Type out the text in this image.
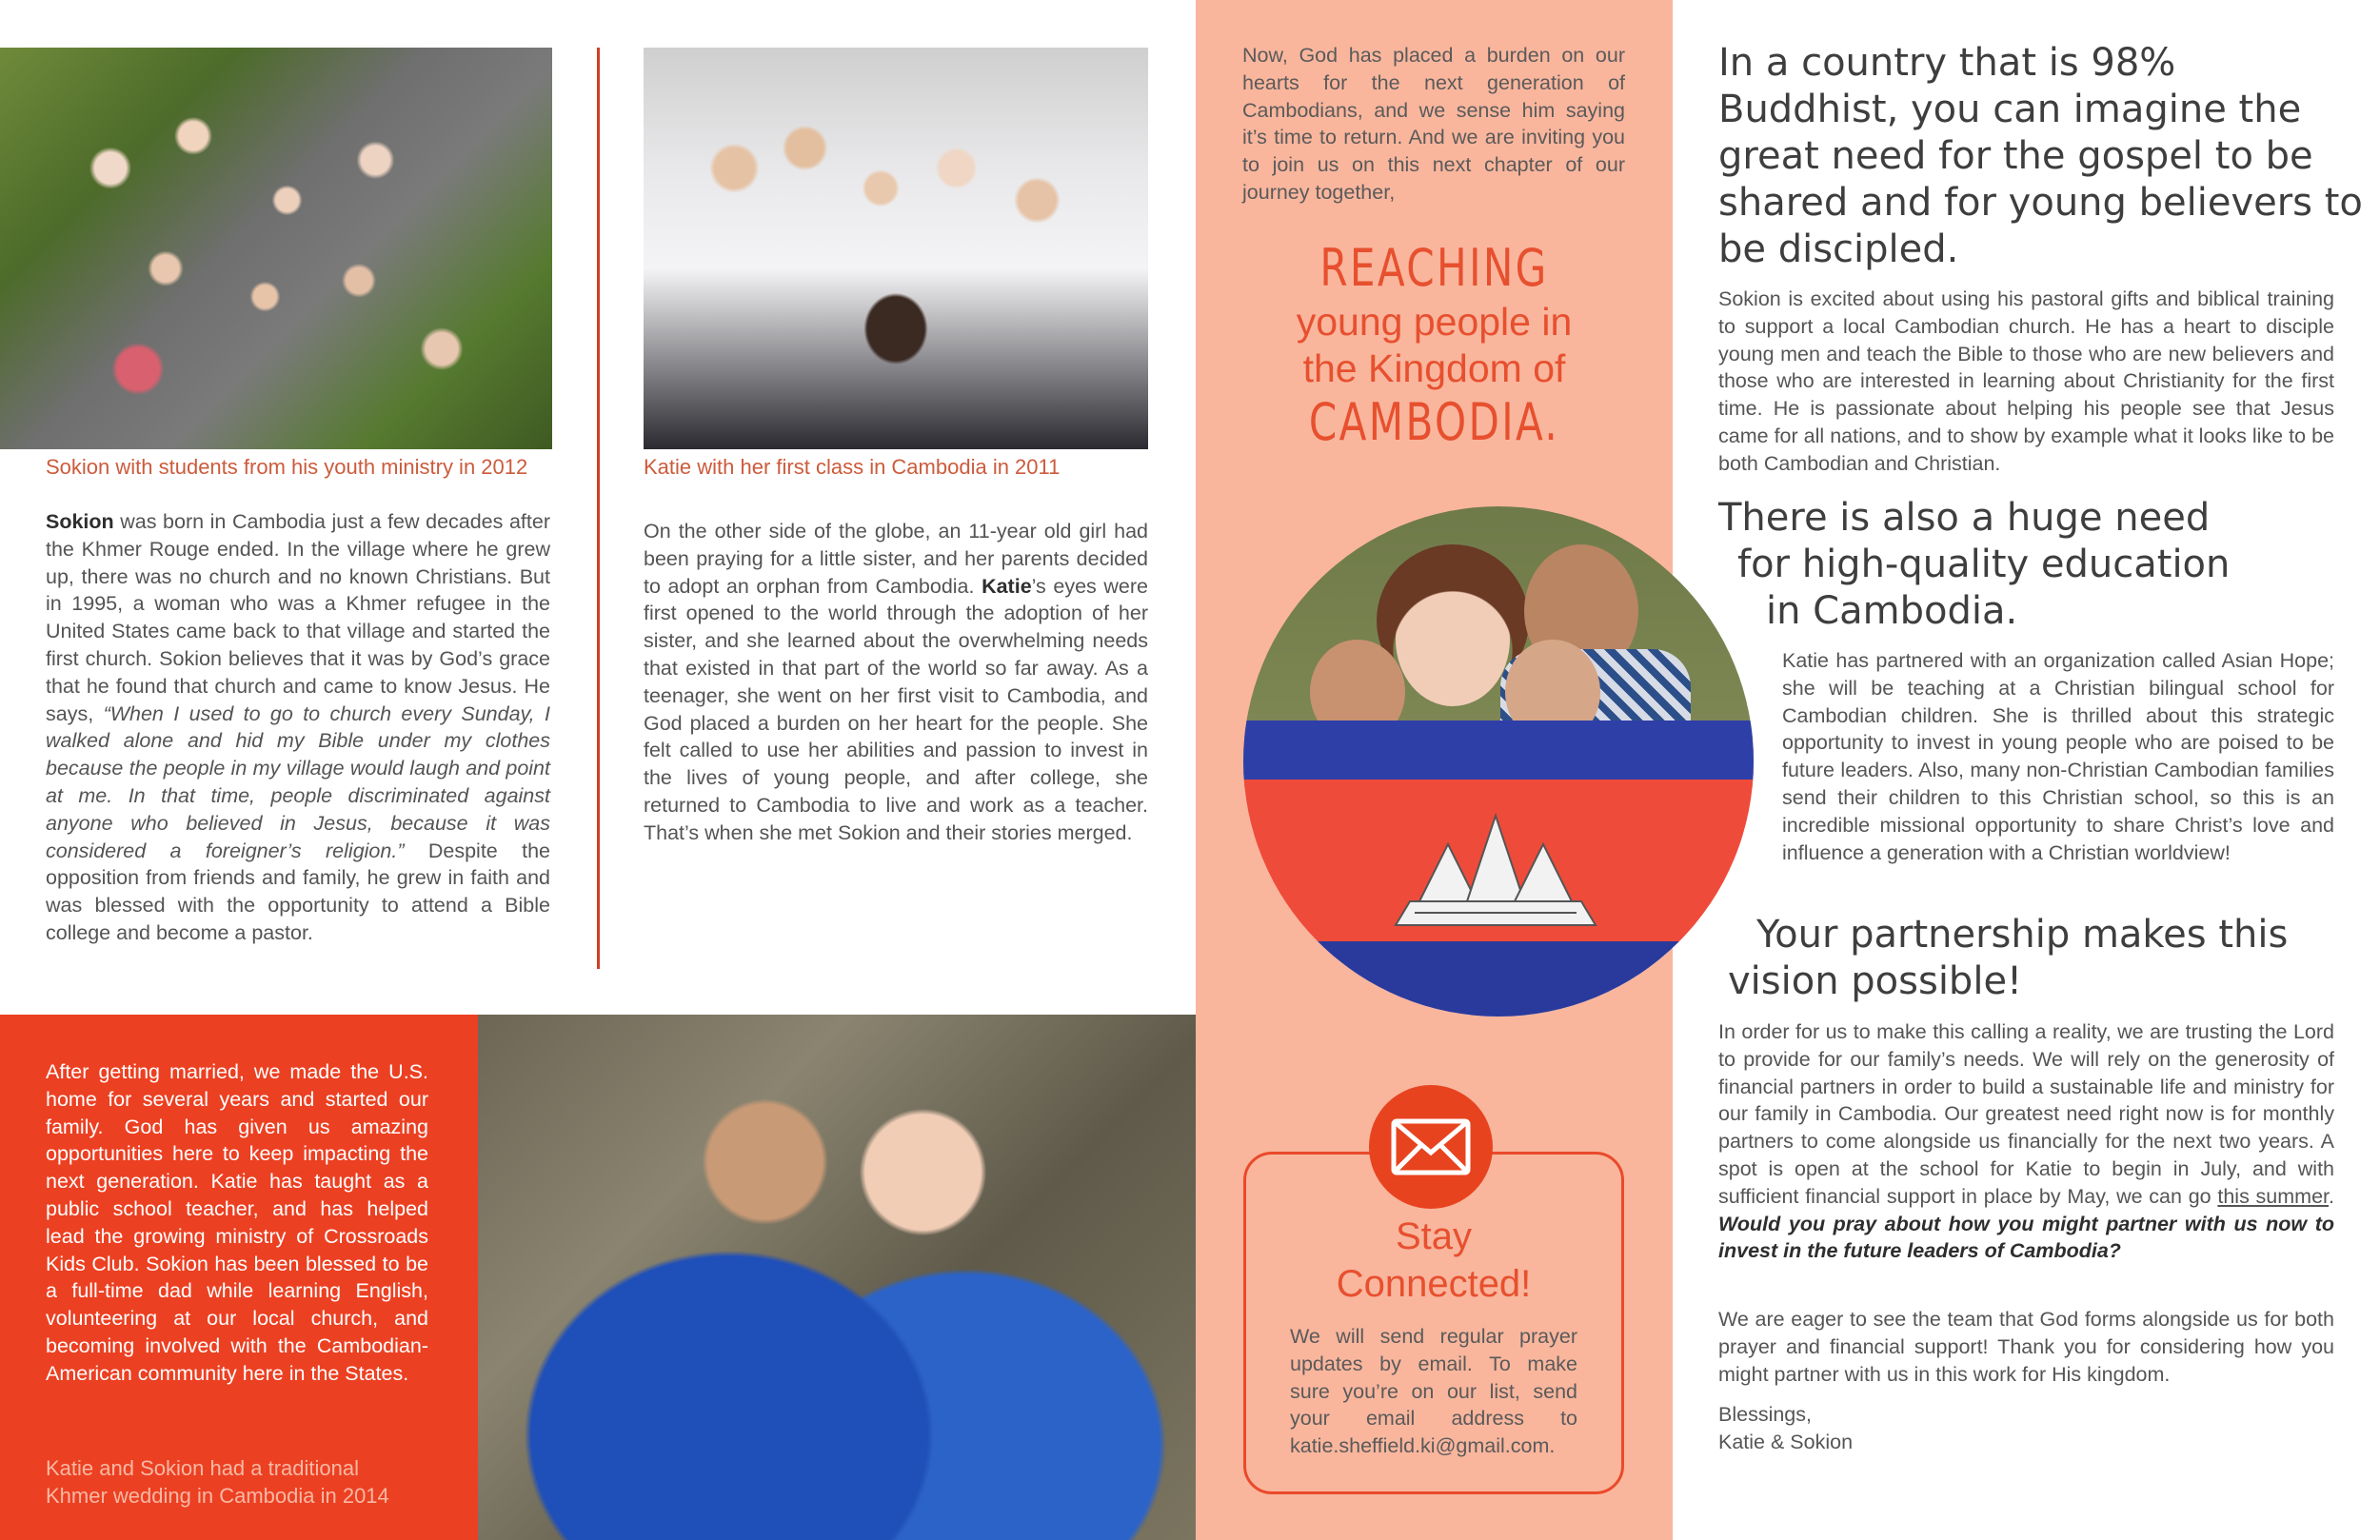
Sokion with students from his youth ministry in 2012
Sokion was born in Cambodia just a few decades after the Khmer Rouge ended. In the village where he grew up, there was no church and no known Christians. But in 1995, a woman who was a Khmer refugee in the United States came back to that village and started the first church. Sokion believes that it was by God’s grace that he found that church and came to know Jesus. He says, “When I used to go to church every Sunday, I walked alone and hid my Bible under my clothes because the people in my village would laugh and point at me. In that time, people discriminated against anyone who believed in Jesus, because it was considered a foreigner’s religion.” Despite the opposition from friends and family, he grew in faith and was blessed with the opportunity to attend a Bible college and become a pastor.
Katie with her first class in Cambodia in 2011
On the other side of the globe, an 11-year old girl had been praying for a little sister, and her parents decided to adopt an orphan from Cambodia. Katie’s eyes were first opened to the world through the adoption of her sister, and she learned about the overwhelming needs that existed in that part of the world so far away. As a teenager, she went on her first visit to Cambodia, and God placed a burden on her heart for the people. She felt called to use her abilities and passion to invest in the lives of young people, and after college, she returned to Cambodia to live and work as a teacher. That’s when she met Sokion and their stories merged.
After getting married, we made the U.S. home for several years and started our family. God has given us amazing opportunities here to keep impacting the next generation. Katie has taught as a public school teacher, and has helped lead the growing ministry of Crossroads Kids Club. Sokion has been blessed to be a full-time dad while learning English, volunteering at our local church, and becoming involved with the Cambodian-American community here in the States.
Katie and Sokion had a traditional
Khmer wedding in Cambodia in 2014
Now, God has placed a burden on our hearts for the next generation of Cambodians, and we sense him saying it’s time to return. And we are inviting you to join us on this next chapter of our journey together,
REACHING
young people in
the Kingdom of
CAMBODIA.
Stay
Connected!
We will send regular prayer updates by email. To make sure you’re on our list, send your email address to katie.sheffield.ki@gmail.com.
In a country that is 98%
Buddhist, you can imagine the
great need for the gospel to be
shared and for young believers to
be discipled.
Sokion is excited about using his pastoral gifts and biblical training to support a local Cambodian church. He has a heart to disciple young men and teach the Bible to those who are new believers and those who are interested in learning about Christianity for the first time. He is passionate about helping his people see that Jesus came for all nations, and to show by example what it looks like to be both Cambodian and Christian.
There is also a huge need
for high-quality education
in Cambodia.
Katie has partnered with an organization called Asian Hope; she will be teaching at a Christian bilingual school for Cambodian children. She is thrilled about this strategic opportunity to invest in young people who are poised to be future leaders. Also, many non-Christian Cambodian families send their children to this Christian school, so this is an incredible missional opportunity to share Christ’s love and influence a generation with a Christian worldview!
Your partnership makes this
vision possible!
In order for us to make this calling a reality, we are trusting the Lord to provide for our family’s needs. We will rely on the generosity of financial partners in order to build a sustainable life and ministry for our family in Cambodia. Our greatest need right now is for monthly partners to come alongside us financially for the next two years. A spot is open at the school for Katie to begin in July, and with sufficient financial support in place by May, we can go this summer. Would you pray about how you might partner with us now to invest in the future leaders of Cambodia?
We are eager to see the team that God forms alongside us for both prayer and financial support! Thank you for considering how you might partner with us in this work for His kingdom.
Blessings,
Katie & Sokion
